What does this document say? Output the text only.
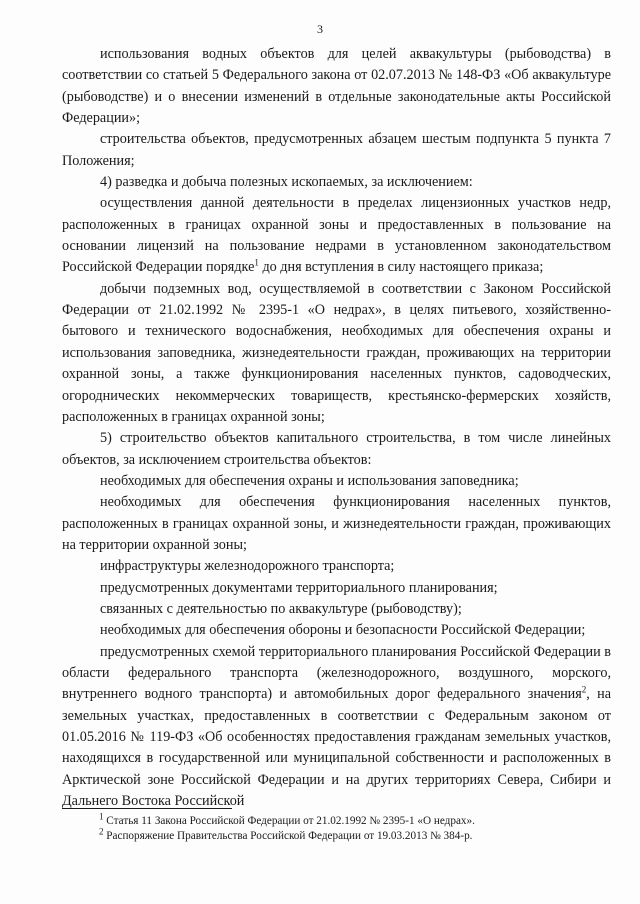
3

использования водных объектов для целей аквакультуры (рыбоводства) в соответствии со статьей 5 Федерального закона от 02.07.2013 № 148-ФЗ «Об аквакультуре (рыбоводстве) и о внесении изменений в отдельные законодательные акты Российской Федерации»;

строительства объектов, предусмотренных абзацем шестым подпункта 5 пункта 7 Положения;

4) разведка и добыча полезных ископаемых, за исключением:

осуществления данной деятельности в пределах лицензионных участков недр, расположенных в границах охранной зоны и предоставленных в пользование на основании лицензий на пользование недрами в установленном законодательством Российской Федерации порядке$^1$ до дня вступления в силу настоящего приказа;

добычи подземных вод, осуществляемой в соответствии с Законом Российской Федерации от 21.02.1992 № 2395-1 «О недрах», в целях питьевого, хозяйственно-бытового и технического водоснабжения, необходимых для обеспечения охраны и использования заповедника, жизнедеятельности граждан, проживающих на территории охранной зоны, а также функционирования населенных пунктов, садоводческих, огороднических некоммерческих товариществ, крестьянско-фермерских хозяйств, расположенных в границах охранной зоны;

5) строительство объектов капитального строительства, в том числе линейных объектов, за исключением строительства объектов:

необходимых для обеспечения охраны и использования заповедника;

необходимых для обеспечения функционирования населенных пунктов, расположенных в границах охранной зоны, и жизнедеятельности граждан, проживающих на территории охранной зоны;

инфраструктуры железнодорожного транспорта;

предусмотренных документами территориального планирования;

связанных с деятельностью по аквакультуре (рыбоводству);

необходимых для обеспечения обороны и безопасности Российской Федерации;

предусмотренных схемой территориального планирования Российской Федерации в области федерального транспорта (железнодорожного, воздушного, морского, внутреннего водного транспорта) и автомобильных дорог федерального значения$^2$, на земельных участках, предоставленных в соответствии с Федеральным законом от 01.05.2016 № 119-ФЗ «Об особенностях предоставления гражданам земельных участков, находящихся в государственной или муниципальной собственности и расположенных в Арктической зоне Российской Федерации и на других территориях Севера, Сибири и Дальнего Востока Российской

$^1$ Статья 11 Закона Российской Федерации от 21.02.1992 № 2395-1 «О недрах».
$^2$ Распоряжение Правительства Российской Федерации от 19.03.2013 № 384-р.
